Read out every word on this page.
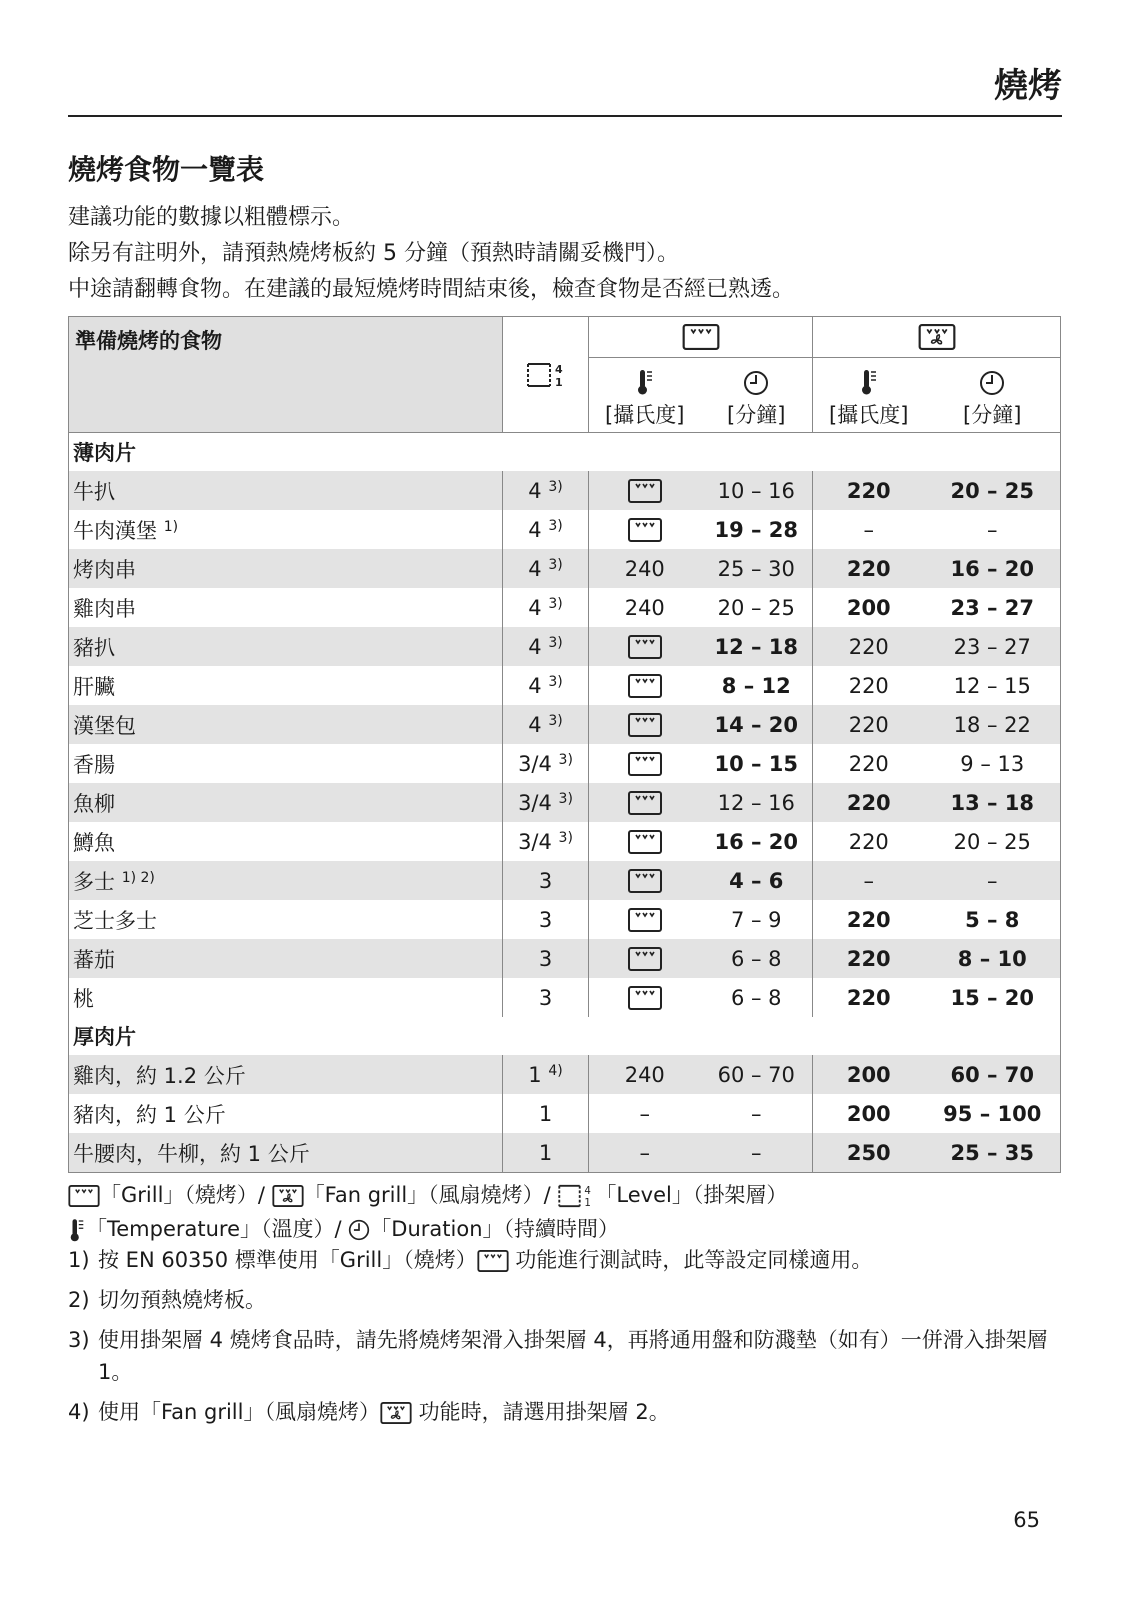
燒烤
燒烤食物一覽表
建議功能的數據以粗體標示。
除另有註明外，請預熱燒烤板約 5 分鐘（預熱時請關妥機門）。
中途請翻轉食物。在建議的最短燒烤時間結束後，檢查食物是否經已熟透。
準備燒烤的食物			

		[攝氏度]	[分鐘]	[攝氏度]	[分鐘]
薄肉片					
牛扒	4 $^{3)}$		10 – 16	220	20 – 25
牛肉漢堡 $^{1)}$	4 $^{3)}$		19 – 28	–	–
烤肉串	4 $^{3)}$	240	25 – 30	220	16 – 20
雞肉串	4 $^{3)}$	240	20 – 25	200	23 – 27
豬扒	4 $^{3)}$		12 – 18	220	23 – 27
肝臟	4 $^{3)}$		8 – 12	220	12 – 15
漢堡包	4 $^{3)}$		14 – 20	220	18 – 22
香腸	3/4 $^{3)}$		10 – 15	220	9 – 13
魚柳	3/4 $^{3)}$		12 – 16	220	13 – 18
鱒魚	3/4 $^{3)}$		16 – 20	220	20 – 25
多士 $^{1) 2)}$	3		4 – 6	–	–
芝士多士	3		7 – 9	220	5 – 8
蕃茄	3		6 – 8	220	8 – 10
桃	3		6 – 8	220	15 – 20
厚肉片					
雞肉，約 1.2 公斤	1 $^{4)}$	240	60 – 70	200	60 – 70
豬肉，約 1 公斤	1	–	–	200	95 – 100
牛腰肉，牛柳，約 1 公斤	1	–	–	250	25 – 35
「Grill」（燒烤）/ 「Fan grill」（風扇燒烤）/ 「Level」（掛架層）
「Temperature」（溫度）/ 「Duration」（持續時間）
1) 按 EN 60350 標準使用「Grill」（燒烤） 功能進行測試時，此等設定同樣適用。
2) 切勿預熱燒烤板。
3) 使用掛架層 4 燒烤食品時，請先將燒烤架滑入掛架層 4，再將通用盤和防濺墊（如有）一併滑入掛架層 1。
4) 使用「Fan grill」（風扇燒烤） 功能時，請選用掛架層 2。
65
